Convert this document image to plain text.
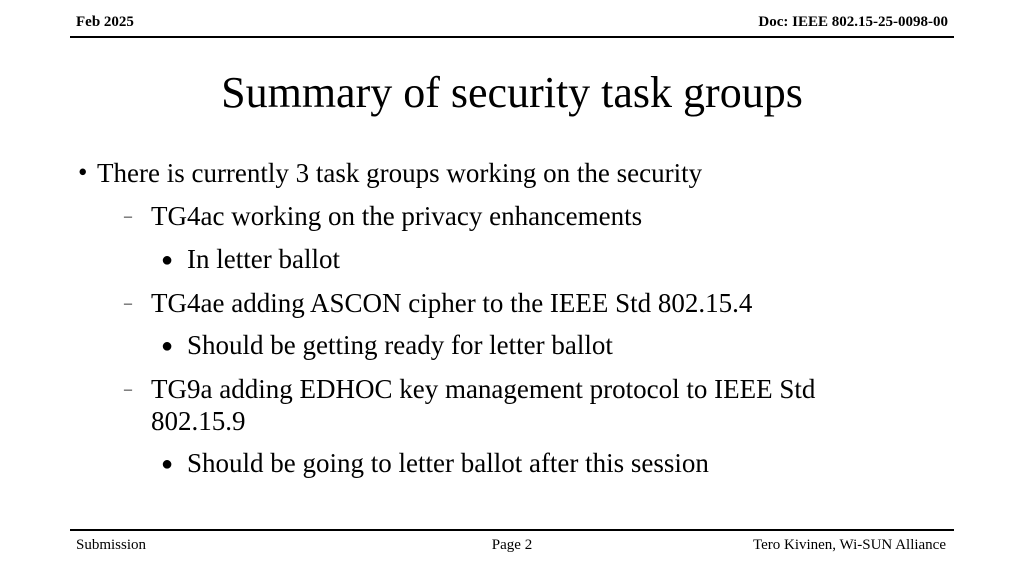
Feb 2025	Doc: IEEE 802.15-25-0098-00
Summary of security task groups
• There is currently 3 task groups working on the security
– TG4ac working on the privacy enhancements
● In letter ballot
– TG4ae adding ASCON cipher to the IEEE Std 802.15.4
● Should be getting ready for letter ballot
– TG9a adding EDHOC key management protocol to IEEE Std
802.15.9
● Should be going to letter ballot after this session
Submission	Page 2	Tero Kivinen, Wi-SUN Alliance
